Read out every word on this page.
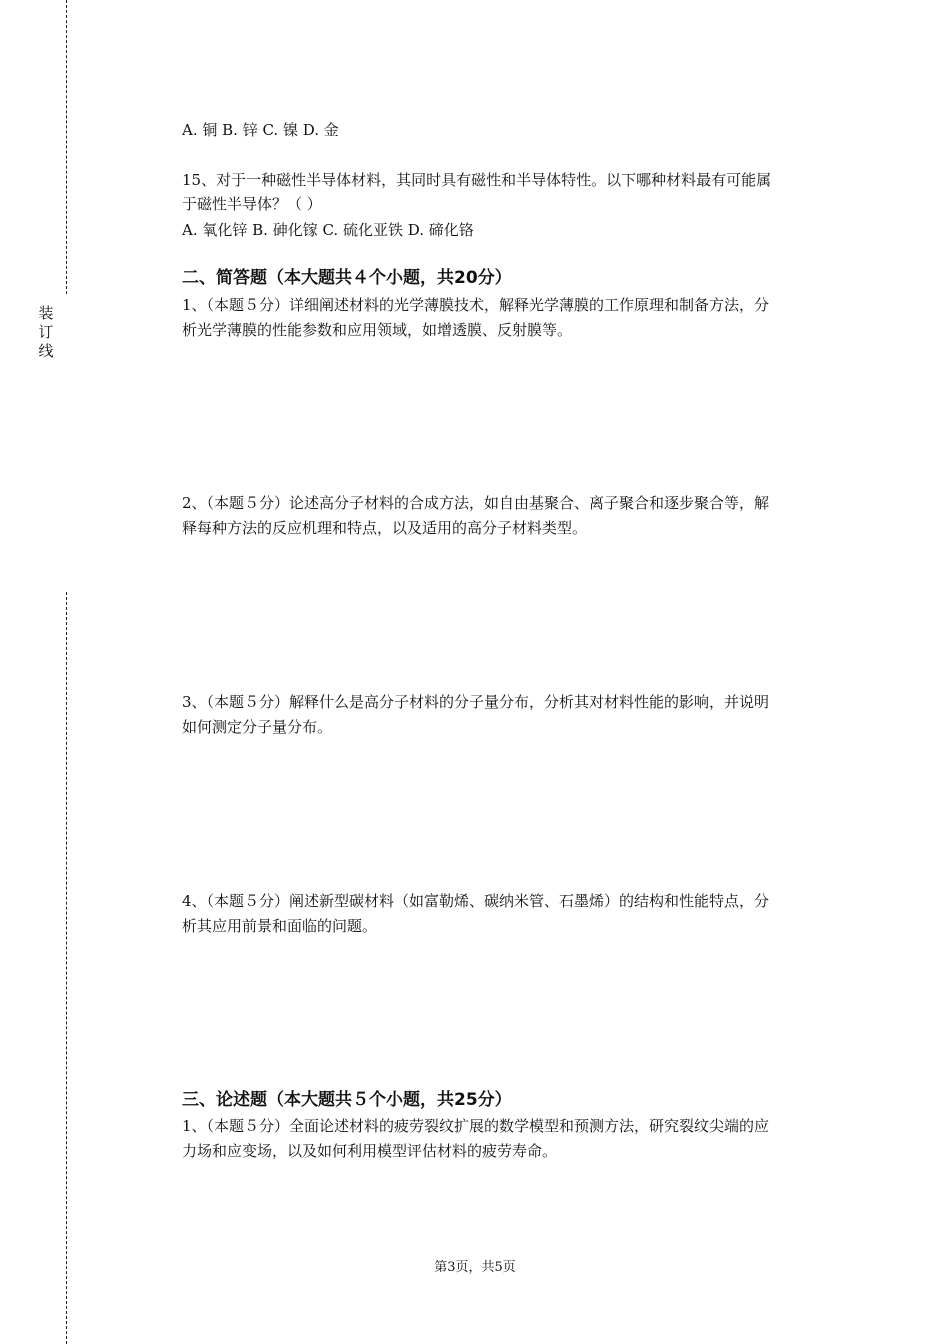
装
订
线
A. 铜 B. 锌 C. 镍 D. 金
15、对于一种磁性半导体材料，其同时具有磁性和半导体特性。以下哪种材料最有可能属
于磁性半导体？（ ）
A. 氧化锌 B. 砷化镓 C. 硫化亚铁 D. 碲化铬
二、简答题（本大题共４个小题，共20分）
1、（本题５分）详细阐述材料的光学薄膜技术，解释光学薄膜的工作原理和制备方法，分
析光学薄膜的性能参数和应用领域，如增透膜、反射膜等。
2、（本题５分）论述高分子材料的合成方法，如自由基聚合、离子聚合和逐步聚合等，解
释每种方法的反应机理和特点，以及适用的高分子材料类型。
3、（本题５分）解释什么是高分子材料的分子量分布，分析其对材料性能的影响，并说明
如何测定分子量分布。
4、（本题５分）阐述新型碳材料（如富勒烯、碳纳米管、石墨烯）的结构和性能特点，分
析其应用前景和面临的问题。
三、论述题（本大题共５个小题，共25分）
1、（本题５分）全面论述材料的疲劳裂纹扩展的数学模型和预测方法，研究裂纹尖端的应
力场和应变场，以及如何利用模型评估材料的疲劳寿命。
第3页，共5页
